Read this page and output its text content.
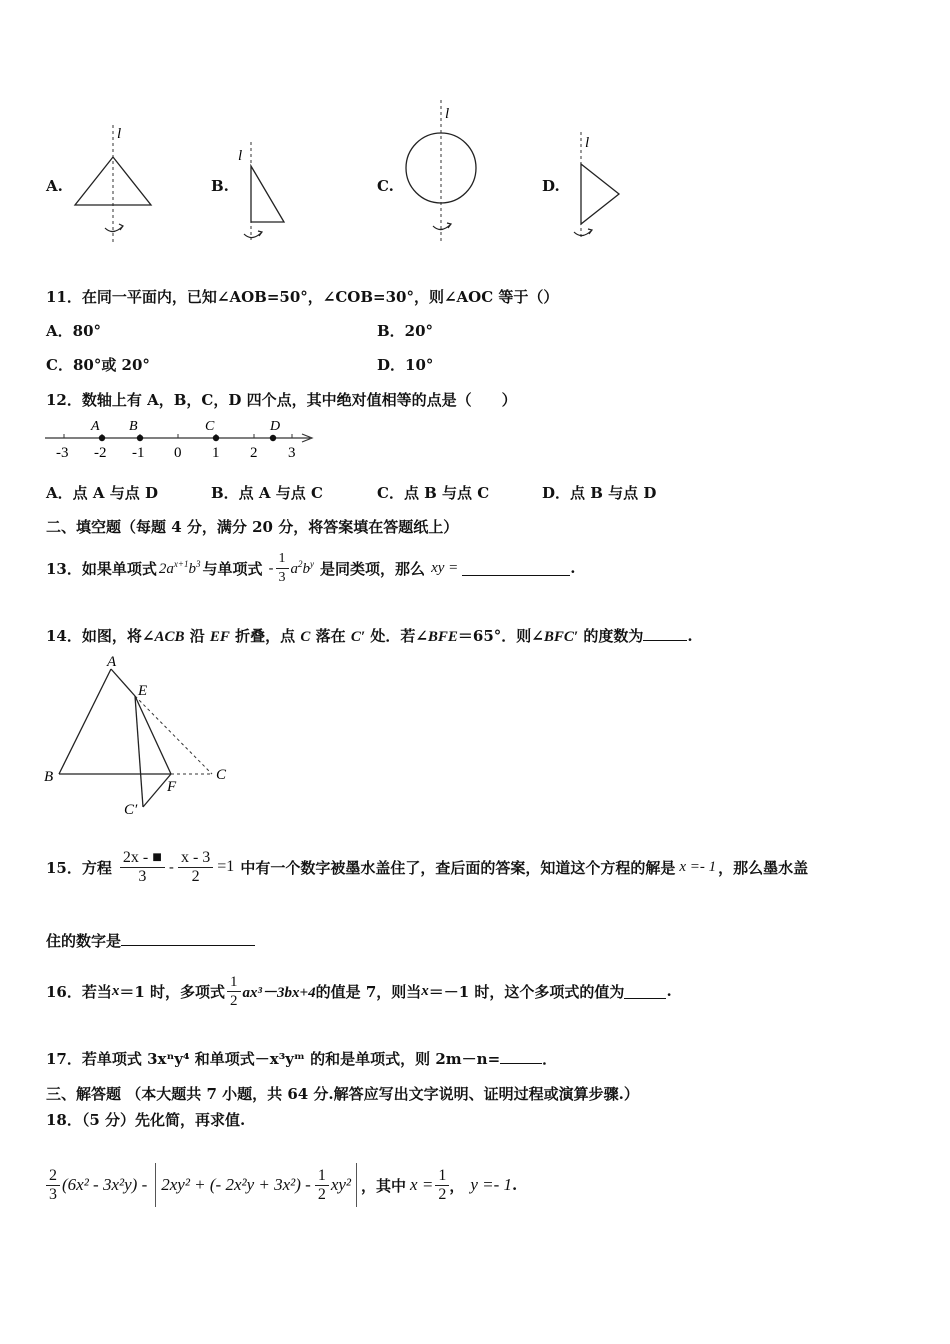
A.
l
B.
l
C.
l
D.
l
11．在同一平面内，已知∠AOB=50°，∠COB=30°，则∠AOC 等于（）
A．80°	B．20°
C．80°或 20°	D．10°
12．数轴上有 A，B，C，D 四个点，其中绝对值相等的点是（　　）
A B	C	D
-3 -2 -1 0 1 2 3
A．点 A 与点 D	B．点 A 与点 C	C．点 B 与点 C	D．点 B 与点 D
二、填空题（每题 4 分，满分 20 分，将答案填在答题纸上）
13．如果单项式 $2a^{x+1}b^3$ 与单项式 - $\frac{1}{3} a^2b^y$ 是同类项，那么 xy =	.
14．如图，将∠ACB 沿 EF 折叠，点 C 落在 C′ 处．若∠BFE＝65°．则∠BFC′ 的度数为	.
A
E
B	C
C′
F
15．方程 $\frac{2x - ■}{3} - \frac{x - 3}{2} =1$ 中有一个数字被墨水盖住了，查后面的答案，知道这个方程的解是 x =- 1 ，那么墨水盖
住的数字是
16．若当 x ＝1 时，多项式 $\frac{1}{2} ax^3-3bx+4$ 的值是 7，则当 x ＝－1 时，这个多项式的值为	.
17．若单项式 3xⁿy⁴ 和单项式－x³yᵐ 的和是单项式，则 2m－n=	．
三、解答题 （本大题共 7 小题，共 64 分.解答应写出文字说明、证明过程或演算步骤.）
18．（5 分）先化简，再求值.
$\frac{2}{3} (6x^2 - 3x^2y) - 2xy^2$ + (- $2x^2y + 3x^2) - \frac{1}{2} xy^2$ ，其中 $x = \frac{1}{2}$ ， y =- 1 .
